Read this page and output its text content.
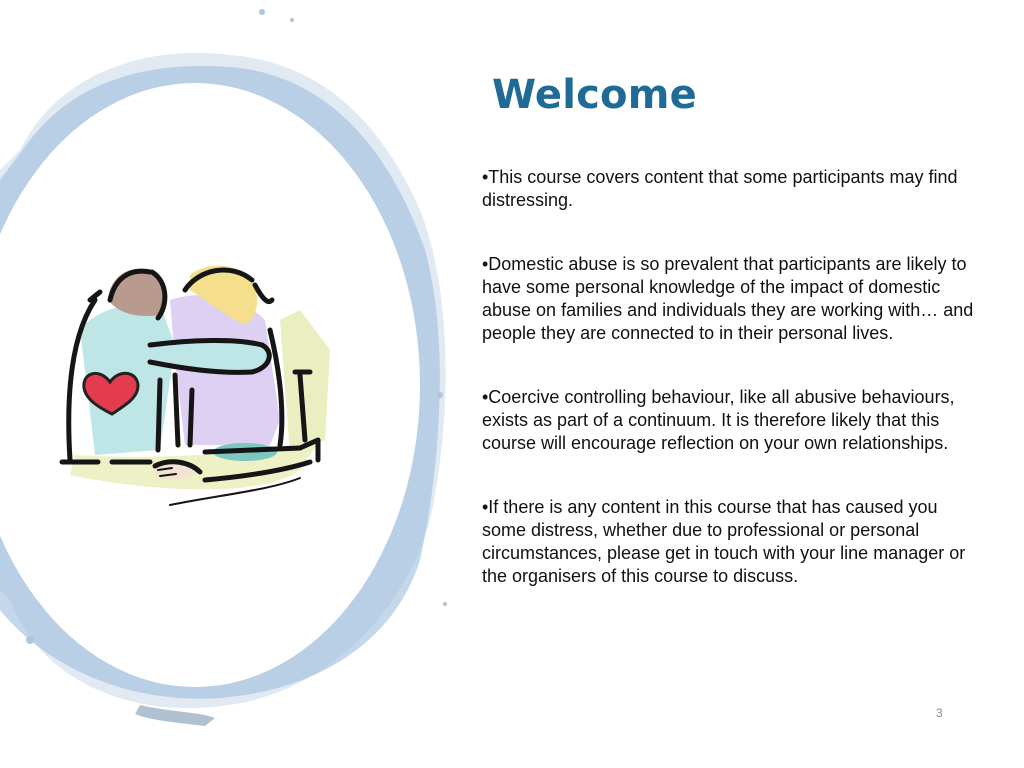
Welcome
•This course covers content that some participants may find distressing.
•Domestic abuse is so prevalent that participants are likely to have some personal knowledge of the impact of domestic abuse on families and individuals they are working with… and people they are connected to in their personal lives.
•Coercive controlling behaviour, like all abusive behaviours, exists as part of a continuum. It is therefore likely that this course will encourage reflection on your own relationships.
•If there is any content in this course that has caused you some distress, whether due to professional or personal circumstances, please get in touch with your line manager or the organisers of this course to discuss.
3
